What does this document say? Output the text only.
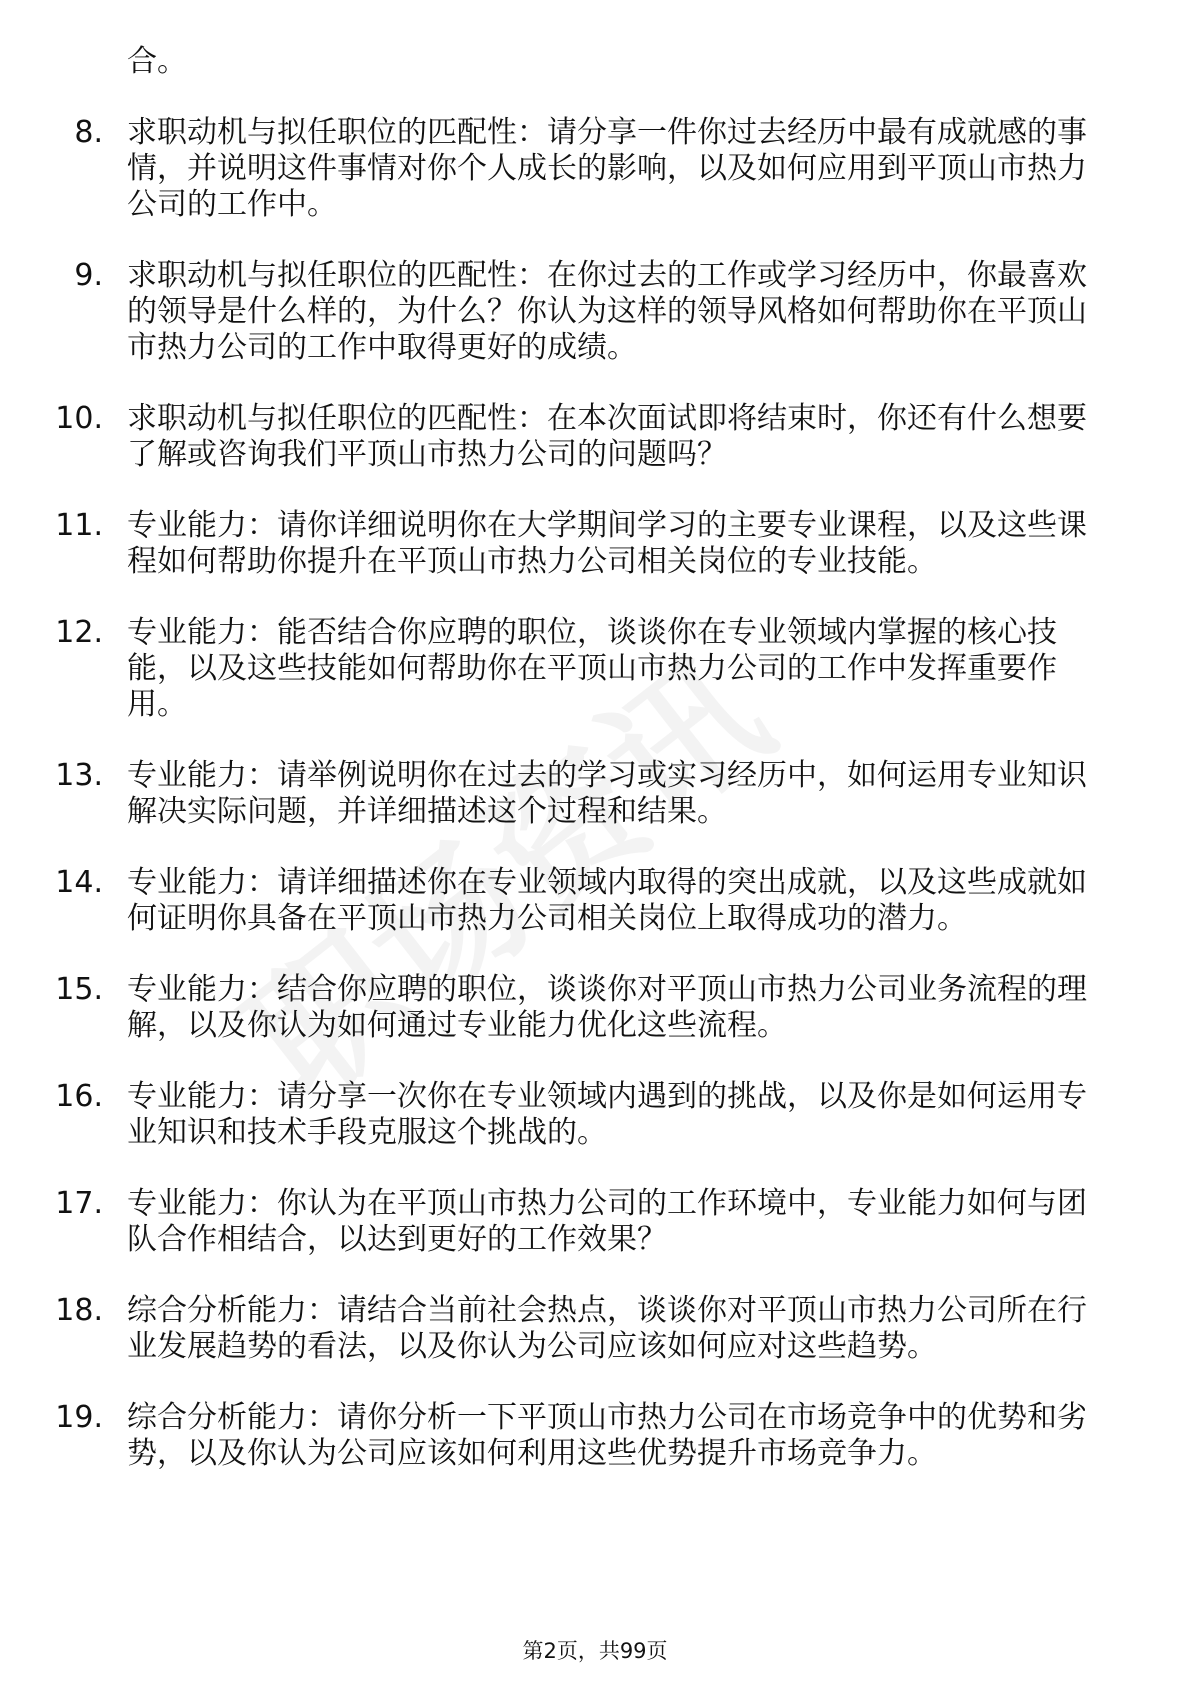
合。
8. 求职动机与拟任职位的匹配性：请分享一件你过去经历中最有成就感的事情，并说明这件事情对你个人成长的影响，以及如何应用到平顶山市热力公司的工作中。
9. 求职动机与拟任职位的匹配性：在你过去的工作或学习经历中，你最喜欢的领导是什么样的，为什么？你认为这样的领导风格如何帮助你在平顶山市热力公司的工作中取得更好的成绩。
10. 求职动机与拟任职位的匹配性：在本次面试即将结束时，你还有什么想要了解或咨询我们平顶山市热力公司的问题吗？
11. 专业能力：请你详细说明你在大学期间学习的主要专业课程，以及这些课程如何帮助你提升在平顶山市热力公司相关岗位的专业技能。
12. 专业能力：能否结合你应聘的职位，谈谈你在专业领域内掌握的核心技能，以及这些技能如何帮助你在平顶山市热力公司的工作中发挥重要作用。
13. 专业能力：请举例说明你在过去的学习或实习经历中，如何运用专业知识解决实际问题，并详细描述这个过程和结果。
14. 专业能力：请详细描述你在专业领域内取得的突出成就，以及这些成就如何证明你具备在平顶山市热力公司相关岗位上取得成功的潜力。
15. 专业能力：结合你应聘的职位，谈谈你对平顶山市热力公司业务流程的理解，以及你认为如何通过专业能力优化这些流程。
16. 专业能力：请分享一次你在专业领域内遇到的挑战，以及你是如何运用专业知识和技术手段克服这个挑战的。
17. 专业能力：你认为在平顶山市热力公司的工作环境中，专业能力如何与团队合作相结合，以达到更好的工作效果？
18. 综合分析能力：请结合当前社会热点，谈谈你对平顶山市热力公司所在行业发展趋势的看法，以及你认为公司应该如何应对这些趋势。
19. 综合分析能力：请你分析一下平顶山市热力公司在市场竞争中的优势和劣势，以及你认为公司应该如何利用这些优势提升市场竞争力。
第2页，共99页
